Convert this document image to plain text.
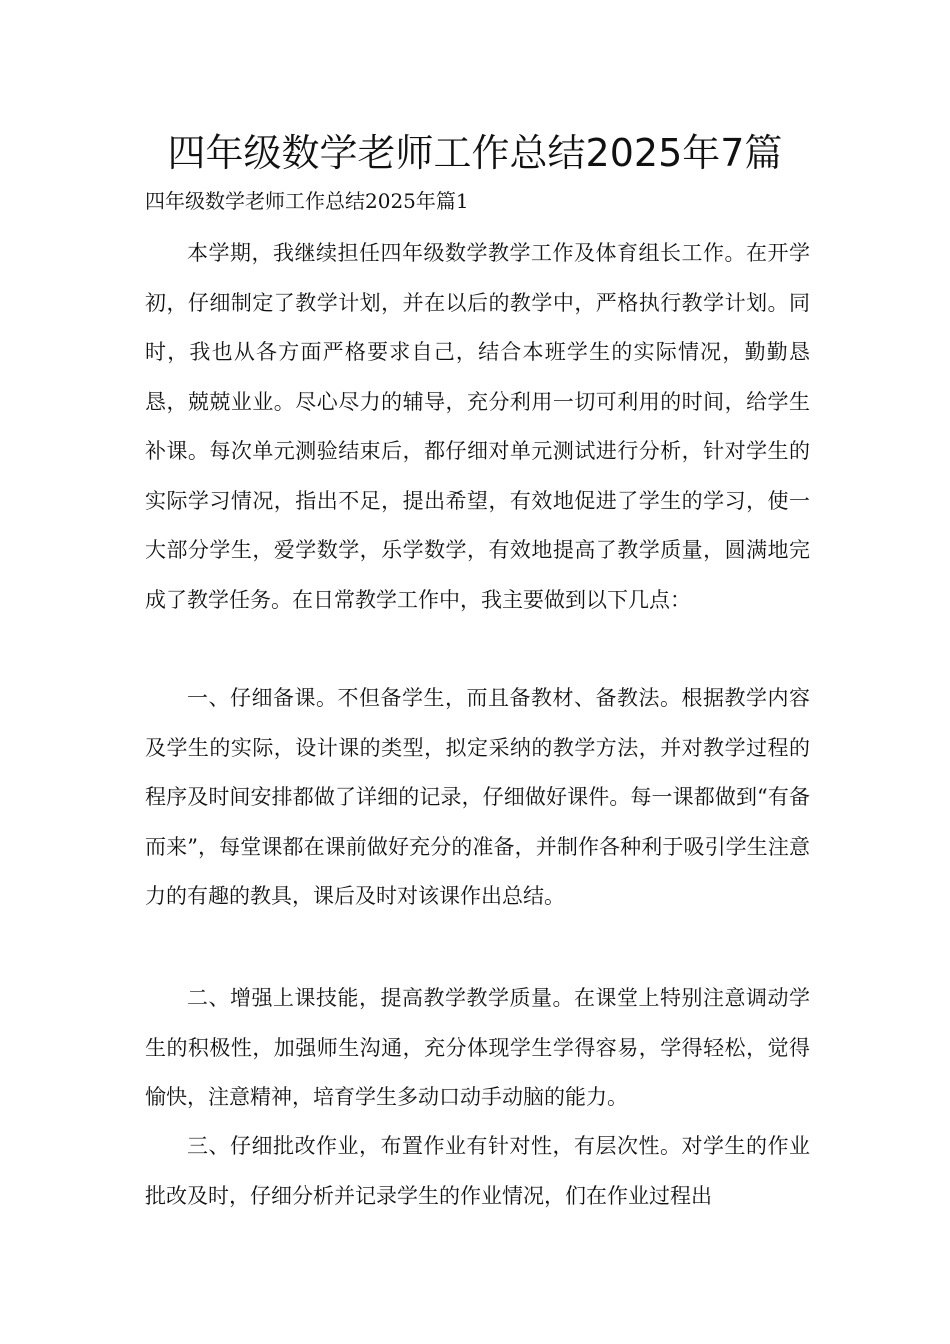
四年级数学老师工作总结2025年7篇

四年级数学老师工作总结2025年篇1

本学期，我继续担任四年级数学教学工作及体育组长工作。在开学初，仔细制定了教学计划，并在以后的教学中，严格执行教学计划。同时，我也从各方面严格要求自己，结合本班学生的实际情况，勤勤恳恳，兢兢业业。尽心尽力的辅导，充分利用一切可利用的时间，给学生补课。每次单元测验结束后，都仔细对单元测试进行分析，针对学生的实际学习情况，指出不足，提出希望，有效地促进了学生的学习，使一大部分学生，爱学数学，乐学数学，有效地提高了教学质量，圆满地完成了教学任务。在日常教学工作中，我主要做到以下几点：

一、仔细备课。不但备学生，而且备教材、备教法。根据教学内容及学生的实际，设计课的类型，拟定采纳的教学方法，并对教学过程的程序及时间安排都做了详细的记录，仔细做好课件。每一课都做到“有备而来”，每堂课都在课前做好充分的准备，并制作各种利于吸引学生注意力的有趣的教具，课后及时对该课作出总结。

二、增强上课技能，提高教学教学质量。在课堂上特别注意调动学生的积极性，加强师生沟通，充分体现学生学得容易，学得轻松，觉得愉快，注意精神，培育学生多动口动手动脑的能力。

三、仔细批改作业，布置作业有针对性，有层次性。对学生的作业批改及时，仔细分析并记录学生的作业情况，们在作业过程出
